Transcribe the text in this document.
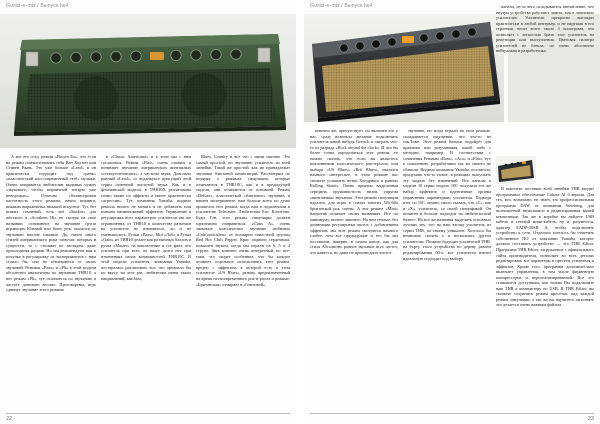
Guitar-e-mix / Выпуск №4

А вот его соед. режим «Brown Eo», что если на режим пончистоновать себя Ван Холлен или Стивен Вынь. Это уже больше «Lead» и он практически подходит под «ранк» «классический или современный гэтб» музыки. Очень понравится любителям выданых чужих «звукового, чтобы кирпичной гитары уже неведомых». Отлично сбалансирован частотность этого режима, вечно пикинга, никаких выраженных никакой искусное. Тут, без всяких сомнений, есть всё «Sunkot» для жёсткого и «Southern Hi» не смотря на свое название, основанное на звучание групп играющих Южный или Sonic рок, оказался по звучанию вполне таковые. Да, ничто иного стилей американского рока зазвучат, которых в сущности, то с стилями по взглядам, даже присоединяя разрыв. Но мы рекомендуем вам к покупке в регулировку из экспериментов с ним стоило бы, оно не отвлекаются от своих звучаний. Режимы «Bass» и «Ph» в этой модели абсолютно аналогичны по звучанию THR10, а вот режим «Ph», тут отличается по звучанию и частоте довольно весомо. Проговорены, ведь сдвинут звучание этого режима

в «Classic Americana» и в этом мы с ним согласимся. Режим «Flat», очень схожим и понимает звучание американских винтажных «стекоутонтовских», а частоты звука. Довольно ровный «Lead», со воданкуксе присущий этой серии отменной чистотой звука. Как и в флагманской модели, в THR10X реализована точно также по эффекты и имеет практически «агрессив». Тут, компания Yamaha, видимо решила ничего не менять и не добавлять или взимать наименований эффектов. Управление и регулировка всех параметров усилителя так же ограниченна, от THR10 в количестве разъемов на усилителе не изменилось, во и не уменьшилось. Ручки «Bass», Mid «Лоб» и Ручка «Gain» из THR10 делает как различных баллов и ручка «Master» на выключение в тот факт, что усилитель при всех по валуе долга нет при изменениях своих возможностей. THR10C. В этой модели усилителя, компания Yamaha, постаралась реализовать все, что признало бы по вкусу, на этот раз, любителям очень таких направлений, как Jazz,

Blues, Country и все что с ними связано. Это самый простой, по звучанию усилитель из всей линейки. Такой же простой, как же принадлежат звучание блюзовой композиции. Рассмотрим по порядку о режимах симуляции, которые отличаются в THR10C, как и в предыдущей модели, они отличаются от основной. Режим «Deluxe», классической «блюзовое» звучание, в нашем эксперименте, нам больше всего по душе пришелся этот режим, когда нам в подключили к усилителю Telecaster. Любителям Eric Клэптона, Буди Гэн, этот режим симуляции должен однозначно понравиться. «Class A», очень знакомое классическое звучание любимых «Californication» от всемирно известной группы Red Hot Chili Pepper. Крис подвиги сердечным, повышен звуком, когда мы играли на 6, 5 и 4 струне. Звук конечно очень интересный, но все-таки, это скорее особенное, что бы каждое поимеет отдельное использовать этот режим, вредно с эффектом, в которой есть в этом усилителе. «US Blues», режим, предназначенный на время несвоевременного рок-н-ролла и режиме. «Британская» отмирает в «блюзовой»

22
Guitar-e-mix / Выпуск №4

конечно же, присутствует, но включен его у нас, сразу возникло желание подключить усилитель какой нибудь Gretsch и сыграть что-то из разряда «Rock around the clock». И что бы более точно определиться этот режим, то можно сказать, что если вы являетесь поклонником классического рок-н-ролла, или выбора «US Blues» «Brit Blues», оказался намного интереснее, в этом режиме вас сможете услышать нотки Хендрикса и ранних Rolling Stones. Очень приятно выделенная середина, пружинистость низов, упругая «винтажная» звучания. Этот режим симуляции идеален, для игры в стилях многих 50х-60х британской рок сцены. А вот режим «Mini» напротив отличает своих названиях. Все по минимуму, ничего лишнего. На нем теплые, без доминации регулировки частот, с добавлением эффектов, мы этот режим смотрится намного слабее, чем все предыдущие и его бы мы поставили, наверно, в самом конце, как для стиля Абсолютно ровное звучание всех частот, что кажется, но даже не производило чистое

звучание, но когда играли на этом режиме, складывается ощущение, что что-то не так.Тоже. Этот режим больше подойдёт для практики или разучивания, какой либо с мелодии, например. В соответствии с сочинения Режимы «Bass», «Aco» и «Flat», тут, к сожалению, разработчики так же ничего не убавили. Видимо компания Yamaha, посчитала, придумать что-то новое, в режимах выпускать эту модель без изменений. Все каналы в модели 10 серии модель 10C получила тот же набор эффектов и идентичные органы управления параметрами усилителя. Подводя итог по 10C, можно смело сказать, что «C», как и «X», усилитель, со своей спецификой. Он понятен и больше подходит на любительский бизнес. Но все же названия выделить основных лучших тех, что на наш взгляд усилитель из серии THR, по-своему уникален. Хотелось бы немножко сказать о и нескольких других усилителях. Помимо будущих усилителей THR, на борту этого устройства по дереву разъём редактирования 60-х, все усилители имеют идеальную подходит под выбору

панели, из-за чего складывается впечатление, что внутри устройства работают лампы, как в ламповых усилителях. Усилители прекрасно выглядят практически в любой интерьер, и не нарушая в его строения, весят всего около 3 килограмм, что позволяет с легкостью брать этот усилитель на репетиции или выступления. Цветовая палитра усилителей не блекла, по очень абсолютно нейтральна и разработчика.

В комплект поставки всей линейки THR входит программное обеспечение Cubase AI 6 версии. Для тех, кто, возможно, не знает, это профессиональная программа DAW от компании Steinberg, для полноценной звукозаписи и редактирования вашей композиции. Так же в коробке вы найдете USB кабель и сетевой мини-кабель, ну и, разумеется, адаптер EADP-30SB A, чтобы подключить устройство к сети. Отдельно хотелось бы отметить собственное ПО от компании Yamaha, которое должно поставить устройство — это THR Editor. Программа THR Editor, загружаемое с официального сайта производителя, позволяет во всех деталях редактировать все параметры и пресеты усилителя и эффектов. Кроме того, программа дополнительно включает управления, в том числе фирменную компрессоров и персонализированной. Все это становится доступным, как только Вы подключите ваш THR к компьютеру по USB. В THR Editor, вы сможете сохранить режим пресетов, над каждой режим симуляции, а так же вы научитесь заполнять это делается очень важным файлом.

23
